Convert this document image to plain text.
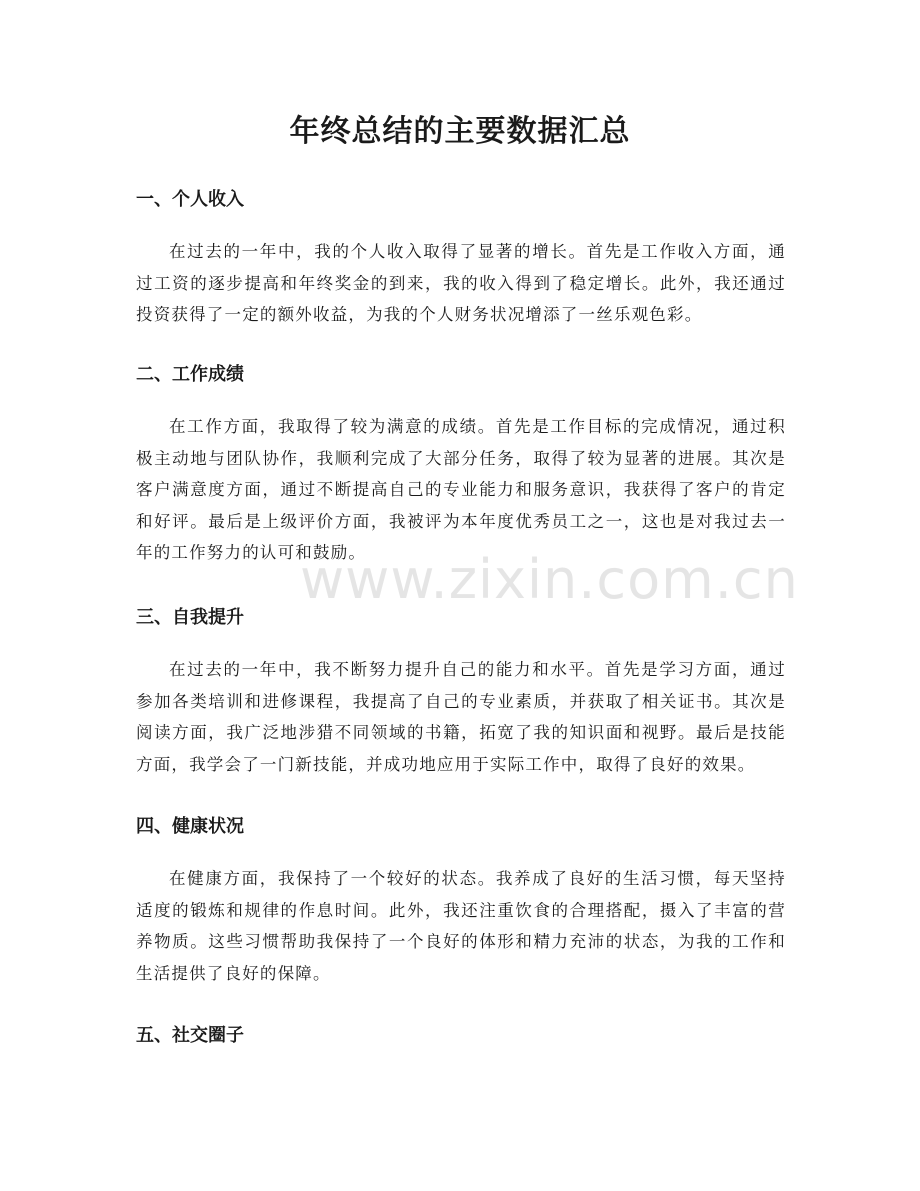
年终总结的主要数据汇总
一、个人收入

在过去的一年中，我的个人收入取得了显著的增长。首先是工作收入方面，通过工资的逐步提高和年终奖金的到来，我的收入得到了稳定增长。此外，我还通过投资获得了一定的额外收益，为我的个人财务状况增添了一丝乐观色彩。

二、工作成绩

在工作方面，我取得了较为满意的成绩。首先是工作目标的完成情况，通过积极主动地与团队协作，我顺利完成了大部分任务，取得了较为显著的进展。其次是客户满意度方面，通过不断提高自己的专业能力和服务意识，我获得了客户的肯定和好评。最后是上级评价方面，我被评为本年度优秀员工之一，这也是对我过去一年的工作努力的认可和鼓励。

三、自我提升

在过去的一年中，我不断努力提升自己的能力和水平。首先是学习方面，通过参加各类培训和进修课程，我提高了自己的专业素质，并获取了相关证书。其次是阅读方面，我广泛地涉猎不同领域的书籍，拓宽了我的知识面和视野。最后是技能方面，我学会了一门新技能，并成功地应用于实际工作中，取得了良好的效果。

四、健康状况

在健康方面，我保持了一个较好的状态。我养成了良好的生活习惯，每天坚持适度的锻炼和规律的作息时间。此外，我还注重饮食的合理搭配，摄入了丰富的营养物质。这些习惯帮助我保持了一个良好的体形和精力充沛的状态，为我的工作和生活提供了良好的保障。

五、社交圈子
www.zixin.com.cn
